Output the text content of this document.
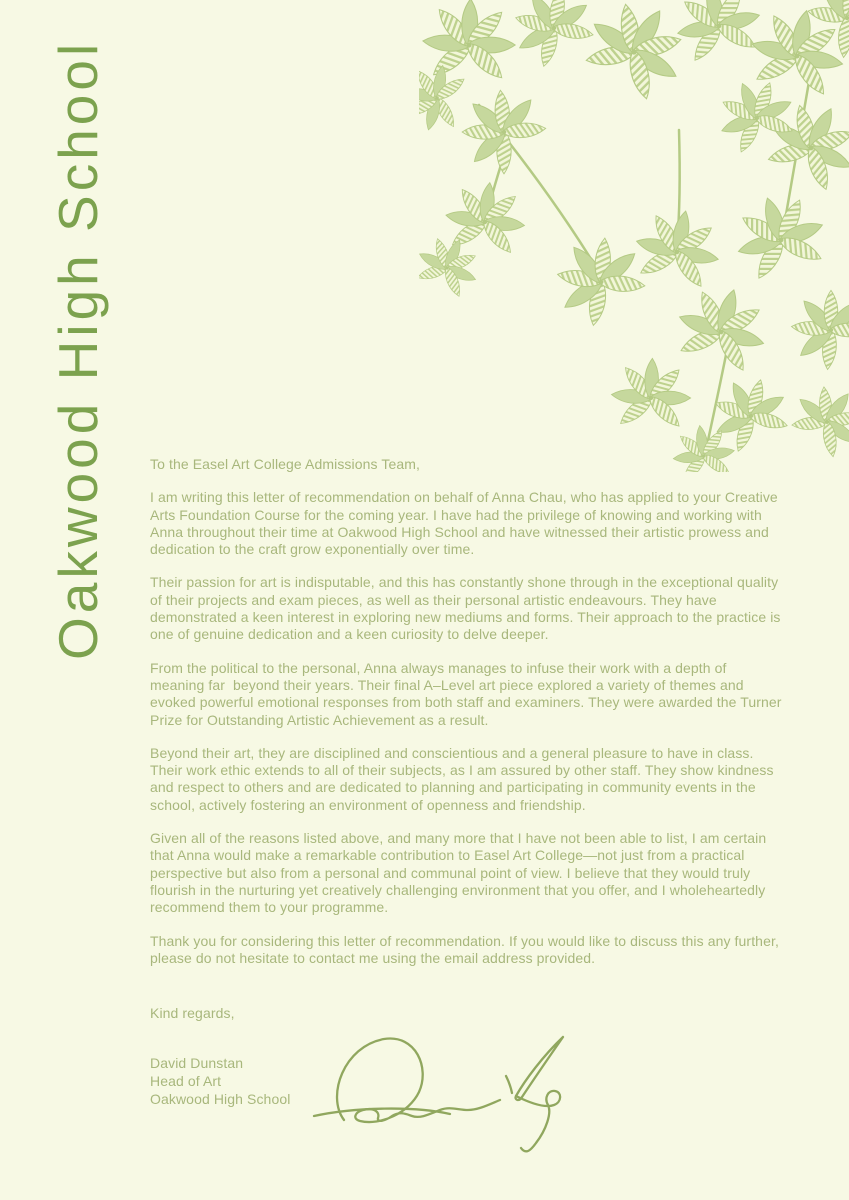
Oakwood High School	To the Easel Art College Admissions Team,

I am writing this letter of recommendation on behalf of Anna Chau, who has applied to your Creative Arts Foundation Course for the coming year. I have had the privilege of knowing and working with Anna throughout their time at Oakwood High School and have witnessed their artistic prowess and dedication to the craft grow exponentially over time.

Their passion for art is indisputable, and this has constantly shone through in the exceptional quality of their projects and exam pieces, as well as their personal artistic endeavours. They have demonstrated a keen interest in exploring new mediums and forms. Their approach to the practice is one of genuine dedication and a keen curiosity to delve deeper.

From the political to the personal, Anna always manages to infuse their work with a depth of meaning far  beyond their years. Their final A–Level art piece explored a variety of themes and evoked powerful emotional responses from both staff and examiners. They were awarded the Turner Prize for Outstanding Artistic Achievement as a result.

Beyond their art, they are disciplined and conscientious and a general pleasure to have in class. Their work ethic extends to all of their subjects, as I am assured by other staff. They show kindness and respect to others and are dedicated to planning and participating in community events in the school, actively fostering an environment of openness and friendship.

Given all of the reasons listed above, and many more that I have not been able to list, I am certain that Anna would make a remarkable contribution to Easel Art College—not just from a practical perspective but also from a personal and communal point of view. I believe that they would truly flourish in the nurturing yet creatively challenging environment that you offer, and I wholeheartedly recommend them to your programme.

Thank you for considering this letter of recommendation. If you would like to discuss this any further, please do not hesitate to contact me using the email address provided.

Kind regards,

David Dunstan
Head of Art
Oakwood High School
